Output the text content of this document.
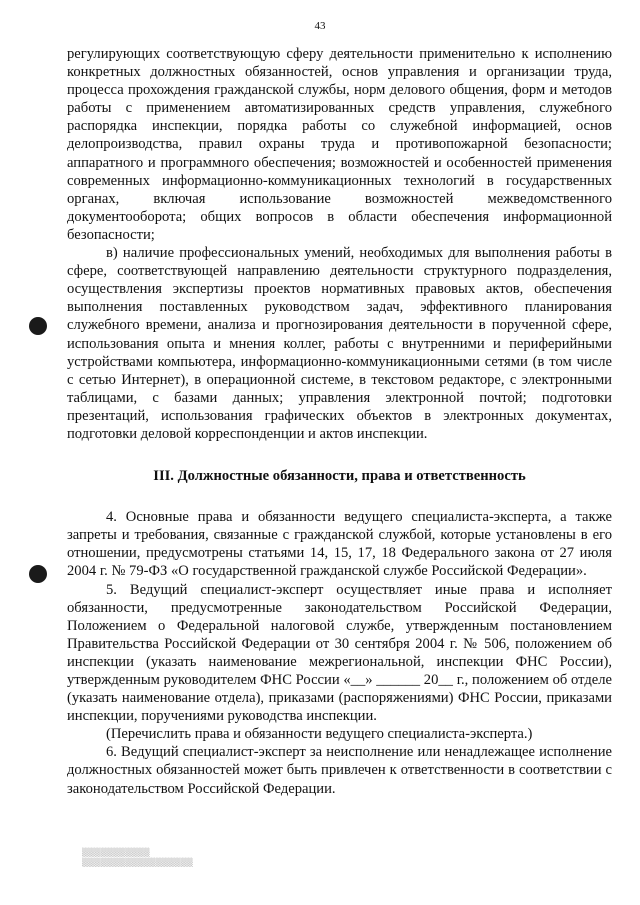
43

регулирующих соответствующую сферу деятельности применительно к исполнению конкретных должностных обязанностей, основ управления и организации труда, процесса прохождения гражданской службы, норм делового общения, форм и методов работы с применением автоматизированных средств управления, служебного распорядка инспекции, порядка работы со служебной информацией, основ делопроизводства, правил охраны труда и противопожарной безопасности; аппаратного и программного обеспечения; возможностей и особенностей применения современных информационно-коммуникационных технологий в государственных органах, включая использование возможностей межведомственного документооборота; общих вопросов в области обеспечения информационной безопасности;

в) наличие профессиональных умений, необходимых для выполнения работы в сфере, соответствующей направлению деятельности структурного подразделения, осуществления экспертизы проектов нормативных правовых актов, обеспечения выполнения поставленных руководством задач, эффективного планирования служебного времени, анализа и прогнозирования деятельности в порученной сфере, использования опыта и мнения коллег, работы с внутренними и периферийными устройствами компьютера, информационно-коммуникационными сетями (в том числе с сетью Интернет), в операционной системе, в текстовом редакторе, с электронными таблицами, с базами данных; управления электронной почтой; подготовки презентаций, использования графических объектов в электронных документах, подготовки деловой корреспонденции и актов инспекции.

III. Должностные обязанности, права и ответственность

4. Основные права и обязанности ведущего специалиста-эксперта, а также запреты и требования, связанные с гражданской службой, которые установлены в его отношении, предусмотрены статьями 14, 15, 17, 18 Федерального закона от 27 июля 2004 г. № 79-ФЗ «О государственной гражданской службе Российской Федерации».

5. Ведущий специалист-эксперт осуществляет иные права и исполняет обязанности, предусмотренные законодательством Российской Федерации, Положением о Федеральной налоговой службе, утвержденным постановлением Правительства Российской Федерации от 30 сентября 2004 г. № 506, положением об инспекции (указать наименование межрегиональной, инспекции ФНС России), утвержденным руководителем ФНС России «__» ______ 20__ г., положением об отделе (указать наименование отдела), приказами (распоряжениями) ФНС России, приказами инспекции, поручениями руководства инспекции.

(Перечислить права и обязанности ведущего специалиста-эксперта.)

6. Ведущий специалист-эксперт за неисполнение или ненадлежащее исполнение должностных обязанностей может быть привлечен к ответственности в соответствии с законодательством Российской Федерации.

▒▒▒▒▒▒▒▒▒▒▒
▒▒▒▒▒▒▒▒▒▒▒▒▒▒▒▒▒▒
